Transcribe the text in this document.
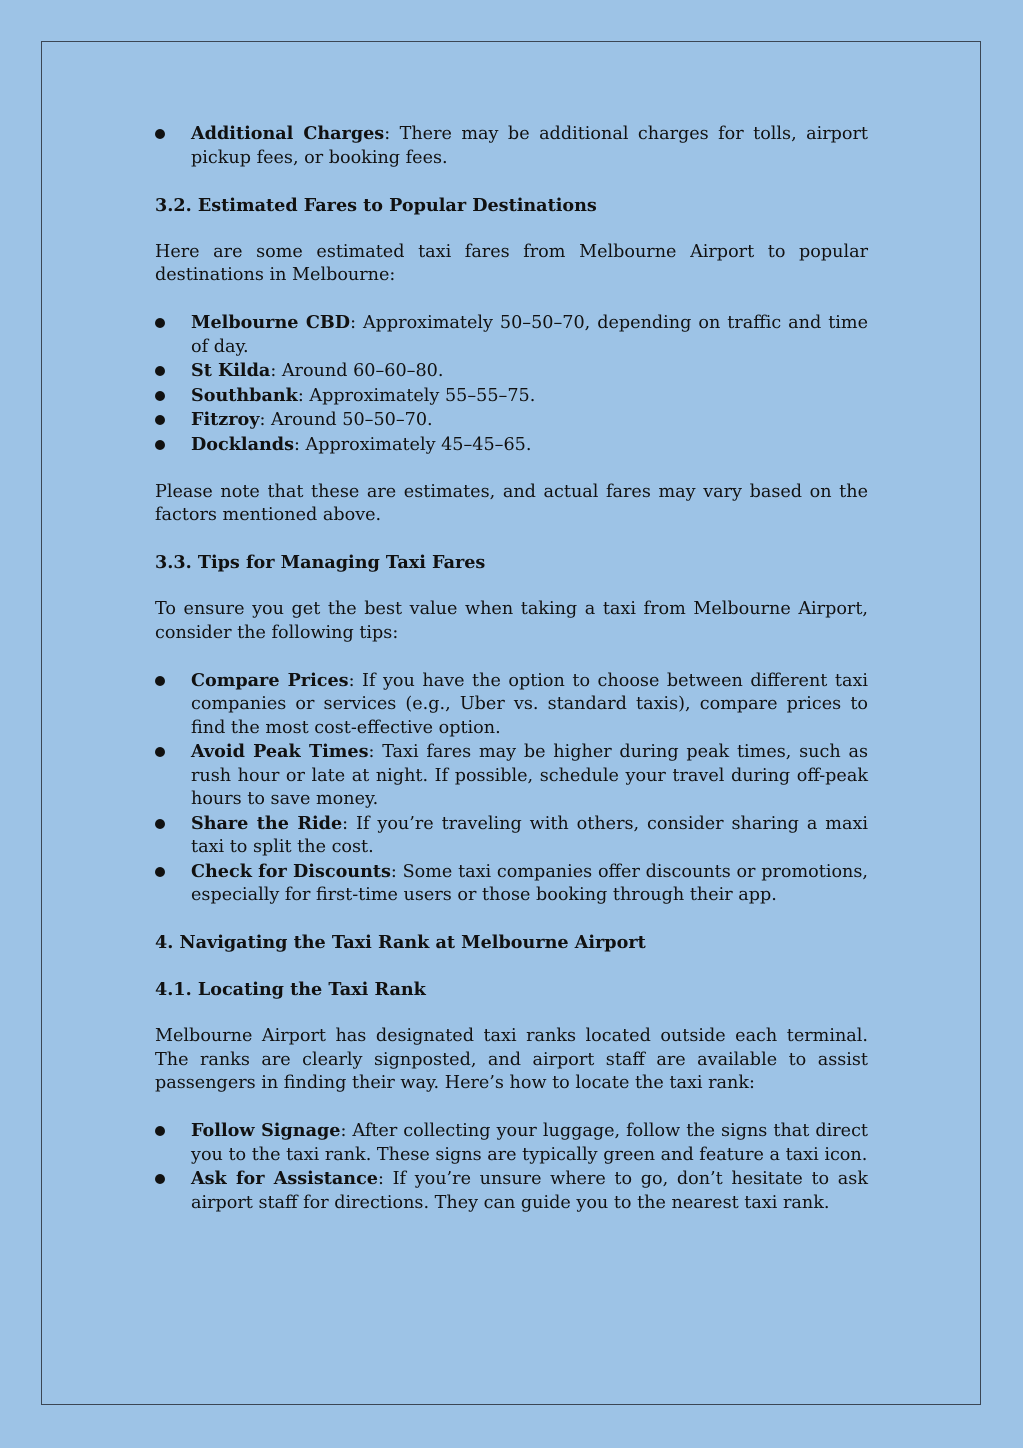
Additional Charges: There may be additional charges for tolls, airport pickup fees, or booking fees.
3.2. Estimated Fares to Popular Destinations

Here are some estimated taxi fares from Melbourne Airport to popular destinations in Melbourne:

Melbourne CBD: Approximately 50–50–70, depending on traffic and time of day.
St Kilda: Around 60–60–80.
Southbank: Approximately 55–55–75.
Fitzroy: Around 50–50–70.
Docklands: Approximately 45–45–65.

Please note that these are estimates, and actual fares may vary based on the factors mentioned above.

3.3. Tips for Managing Taxi Fares

To ensure you get the best value when taking a taxi from Melbourne Airport, consider the following tips:

Compare Prices: If you have the option to choose between different taxi companies or services (e.g., Uber vs. standard taxis), compare prices to find the most cost-effective option.
Avoid Peak Times: Taxi fares may be higher during peak times, such as rush hour or late at night. If possible, schedule your travel during off-peak hours to save money.
Share the Ride: If you’re traveling with others, consider sharing a maxi taxi to split the cost.
Check for Discounts: Some taxi companies offer discounts or promotions, especially for first-time users or those booking through their app.
4. Navigating the Taxi Rank at Melbourne Airport
4.1. Locating the Taxi Rank

Melbourne Airport has designated taxi ranks located outside each terminal. The ranks are clearly signposted, and airport staff are available to assist passengers in finding their way. Here’s how to locate the taxi rank:

Follow Signage: After collecting your luggage, follow the signs that direct you to the taxi rank. These signs are typically green and feature a taxi icon.
Ask for Assistance: If you’re unsure where to go, don’t hesitate to ask airport staff for directions. They can guide you to the nearest taxi rank.
